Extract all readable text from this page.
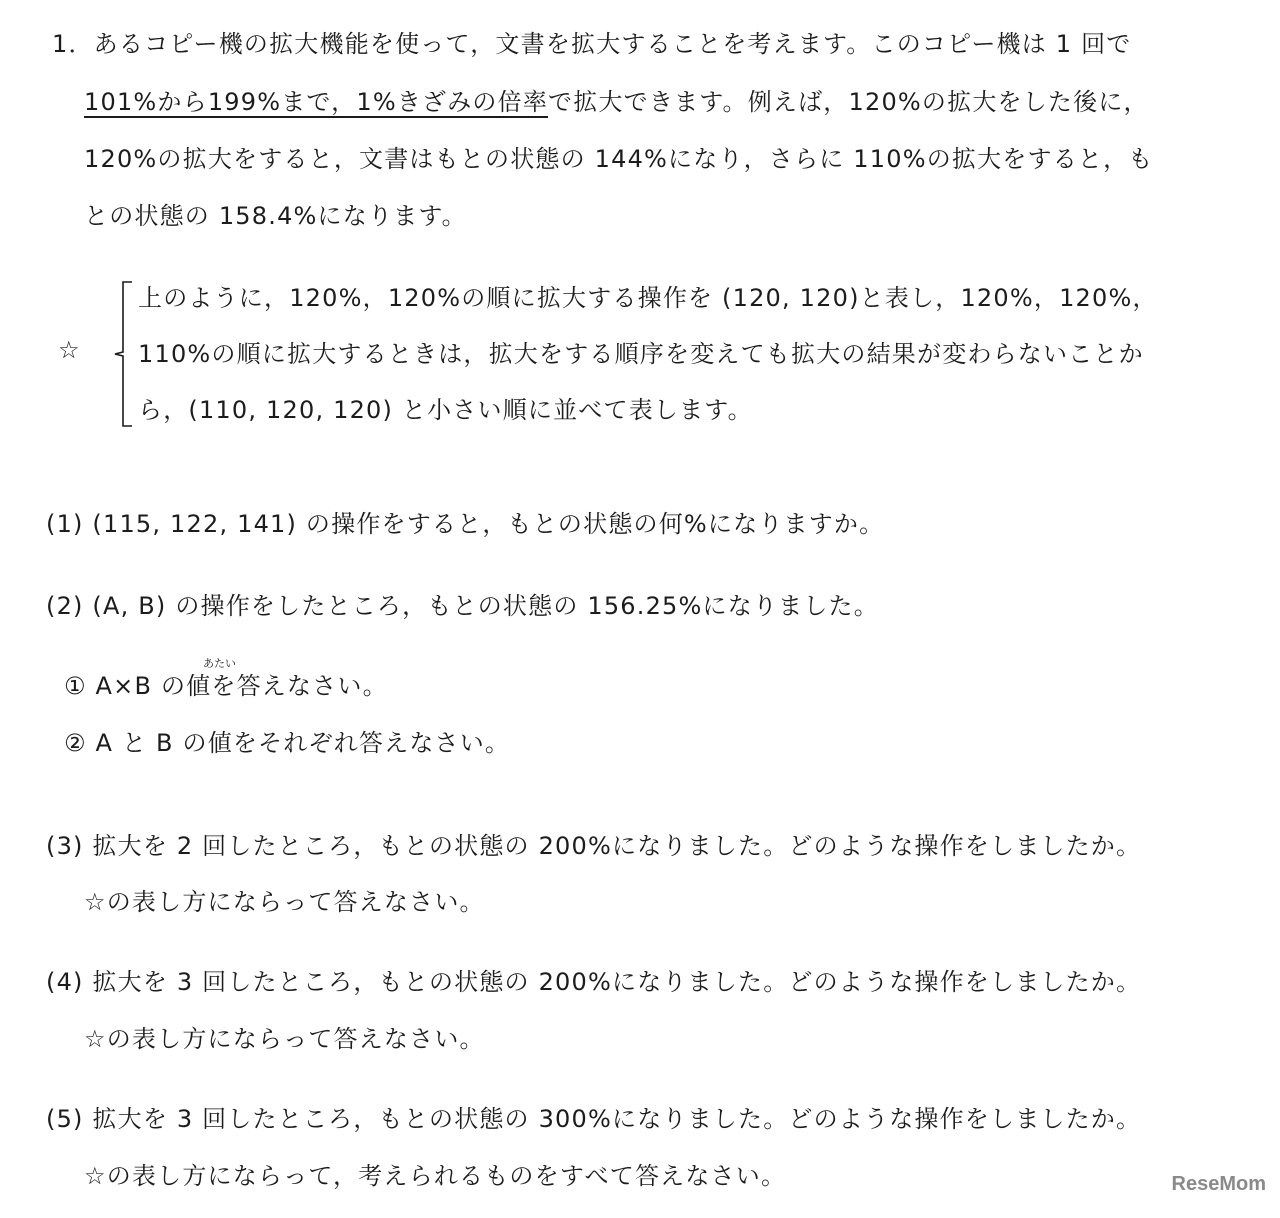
1．あるコピー機の拡大機能を使って，文書を拡大することを考えます。このコピー機は 1 回で
101%から199%まで，1%きざみの倍率で拡大できます。例えば，120%の拡大をした後に，
120%の拡大をすると，文書はもとの状態の 144%になり，さらに 110%の拡大をすると，も
との状態の 158.4%になります。
☆
上のように，120%，120%の順に拡大する操作を (120, 120)と表し，120%，120%，
110%の順に拡大するときは，拡大をする順序を変えても拡大の結果が変わらないことか
ら，(110, 120, 120) と小さい順に並べて表します。
(1) (115, 122, 141) の操作をすると，もとの状態の何%になりますか。
(2) (A, B) の操作をしたところ，もとの状態の 156.25%になりました。
あたい
① A×B の値を答えなさい。
② A と B の値をそれぞれ答えなさい。
(3) 拡大を 2 回したところ，もとの状態の 200%になりました。どのような操作をしましたか。
☆の表し方にならって答えなさい。
(4) 拡大を 3 回したところ，もとの状態の 200%になりました。どのような操作をしましたか。
☆の表し方にならって答えなさい。
(5) 拡大を 3 回したところ，もとの状態の 300%になりました。どのような操作をしましたか。
☆の表し方にならって，考えられるものをすべて答えなさい。	ReseMom
